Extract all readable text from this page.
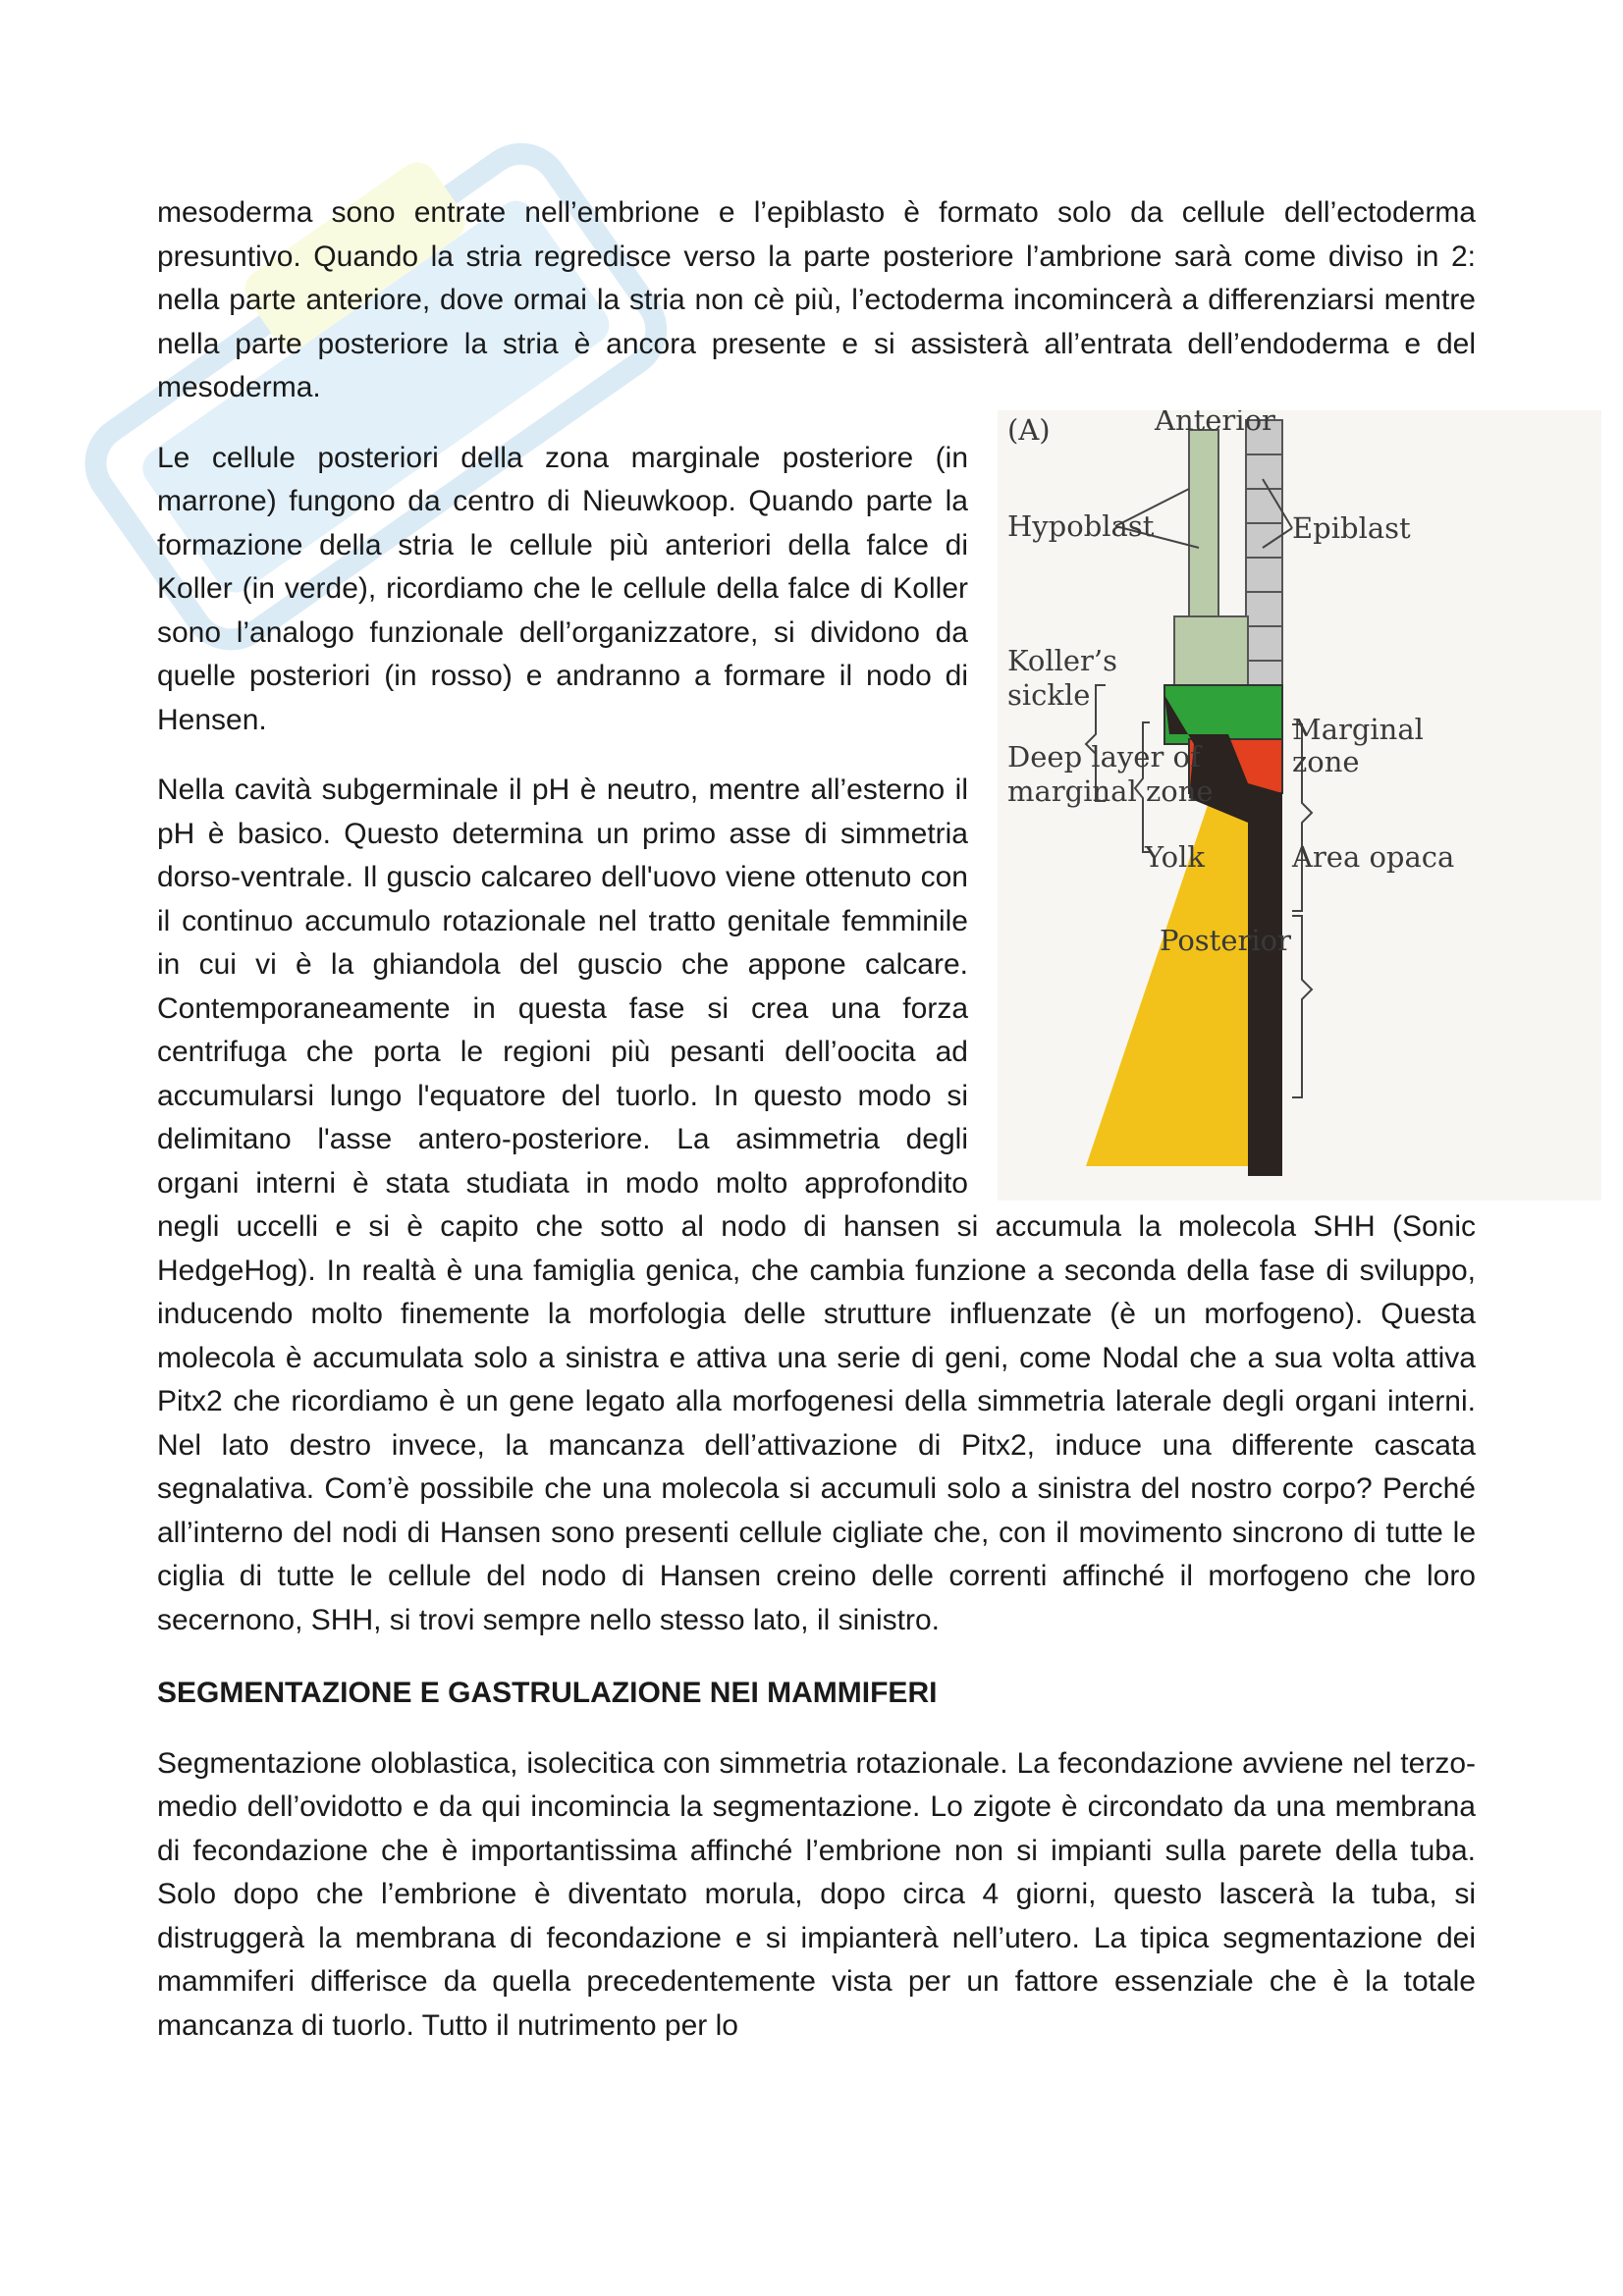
mesoderma sono entrate nell’embrione e l’epiblasto è formato solo da cellule dell’ectoderma presuntivo. Quando la stria regredisce verso la parte posteriore l’ambrione sarà come diviso in 2: nella parte anteriore, dove ormai la stria non cè più, l’ectoderma incomincerà a differenziarsi mentre nella parte posteriore la stria è ancora presente e si assisterà all’entrata dell’endoderma e del mesoderma.

(A)	Anterior
Hypoblast	Epiblast
Koller’s
sickle
Deep layer of
marginal zone
Marginal
zone
Yolk	Area opaca
Posterior

Le cellule posteriori della zona marginale posteriore (in marrone) fungono da centro di Nieuwkoop. Quando parte la formazione della stria le cellule più anteriori della falce di Koller (in verde), ricordiamo che le cellule della falce di Koller sono l’analogo funzionale dell’organizzatore, si dividono da quelle posteriori (in rosso) e andranno a formare il nodo di Hensen.

Nella cavità subgerminale il pH è neutro, mentre all’esterno il pH è basico. Questo determina un primo asse di simmetria dorso-ventrale. Il guscio calcareo dell'uovo viene ottenuto con il continuo accumulo rotazionale nel tratto genitale femminile in cui vi è la ghiandola del guscio che appone calcare. Contemporaneamente in questa fase si crea una forza centrifuga che porta le regioni più pesanti dell’oocita ad accumularsi lungo l'equatore del tuorlo. In questo modo si delimitano l'asse antero-posteriore. La asimmetria degli organi interni è stata studiata in modo molto approfondito negli uccelli e si è capito che sotto al nodo di hansen si accumula la molecola SHH (Sonic HedgeHog). In realtà è una famiglia genica, che cambia funzione a seconda della fase di sviluppo, inducendo molto finemente la morfologia delle strutture influenzate (è un morfogeno). Questa molecola è accumulata solo a sinistra e attiva una serie di geni, come Nodal che a sua volta attiva Pitx2 che ricordiamo è un gene legato alla morfogenesi della simmetria laterale degli organi interni. Nel lato destro invece, la mancanza dell’attivazione di Pitx2, induce una differente cascata segnalativa. Com’è possibile che una molecola si accumuli solo a sinistra del nostro corpo? Perché all’interno del nodi di Hansen sono presenti cellule cigliate che, con il movimento sincrono di tutte le ciglia di tutte le cellule del nodo di Hansen creino delle correnti affinché il morfogeno che loro secernono, SHH, si trovi sempre nello stesso lato, il sinistro.

SEGMENTAZIONE E GASTRULAZIONE NEI MAMMIFERI

Segmentazione oloblastica, isolecitica con simmetria rotazionale. La fecondazione avviene nel terzo-medio dell’ovidotto e da qui incomincia la segmentazione. Lo zigote è circondato da una membrana di fecondazione che è importantissima affinché l’embrione non si impianti sulla parete della tuba. Solo dopo che l’embrione è diventato morula, dopo circa 4 giorni, questo lascerà la tuba, si distruggerà la membrana di fecondazione e si impianterà nell’utero. La tipica segmentazione dei mammiferi differisce da quella precedentemente vista per un fattore essenziale che è la totale mancanza di tuorlo. Tutto il nutrimento per lo
